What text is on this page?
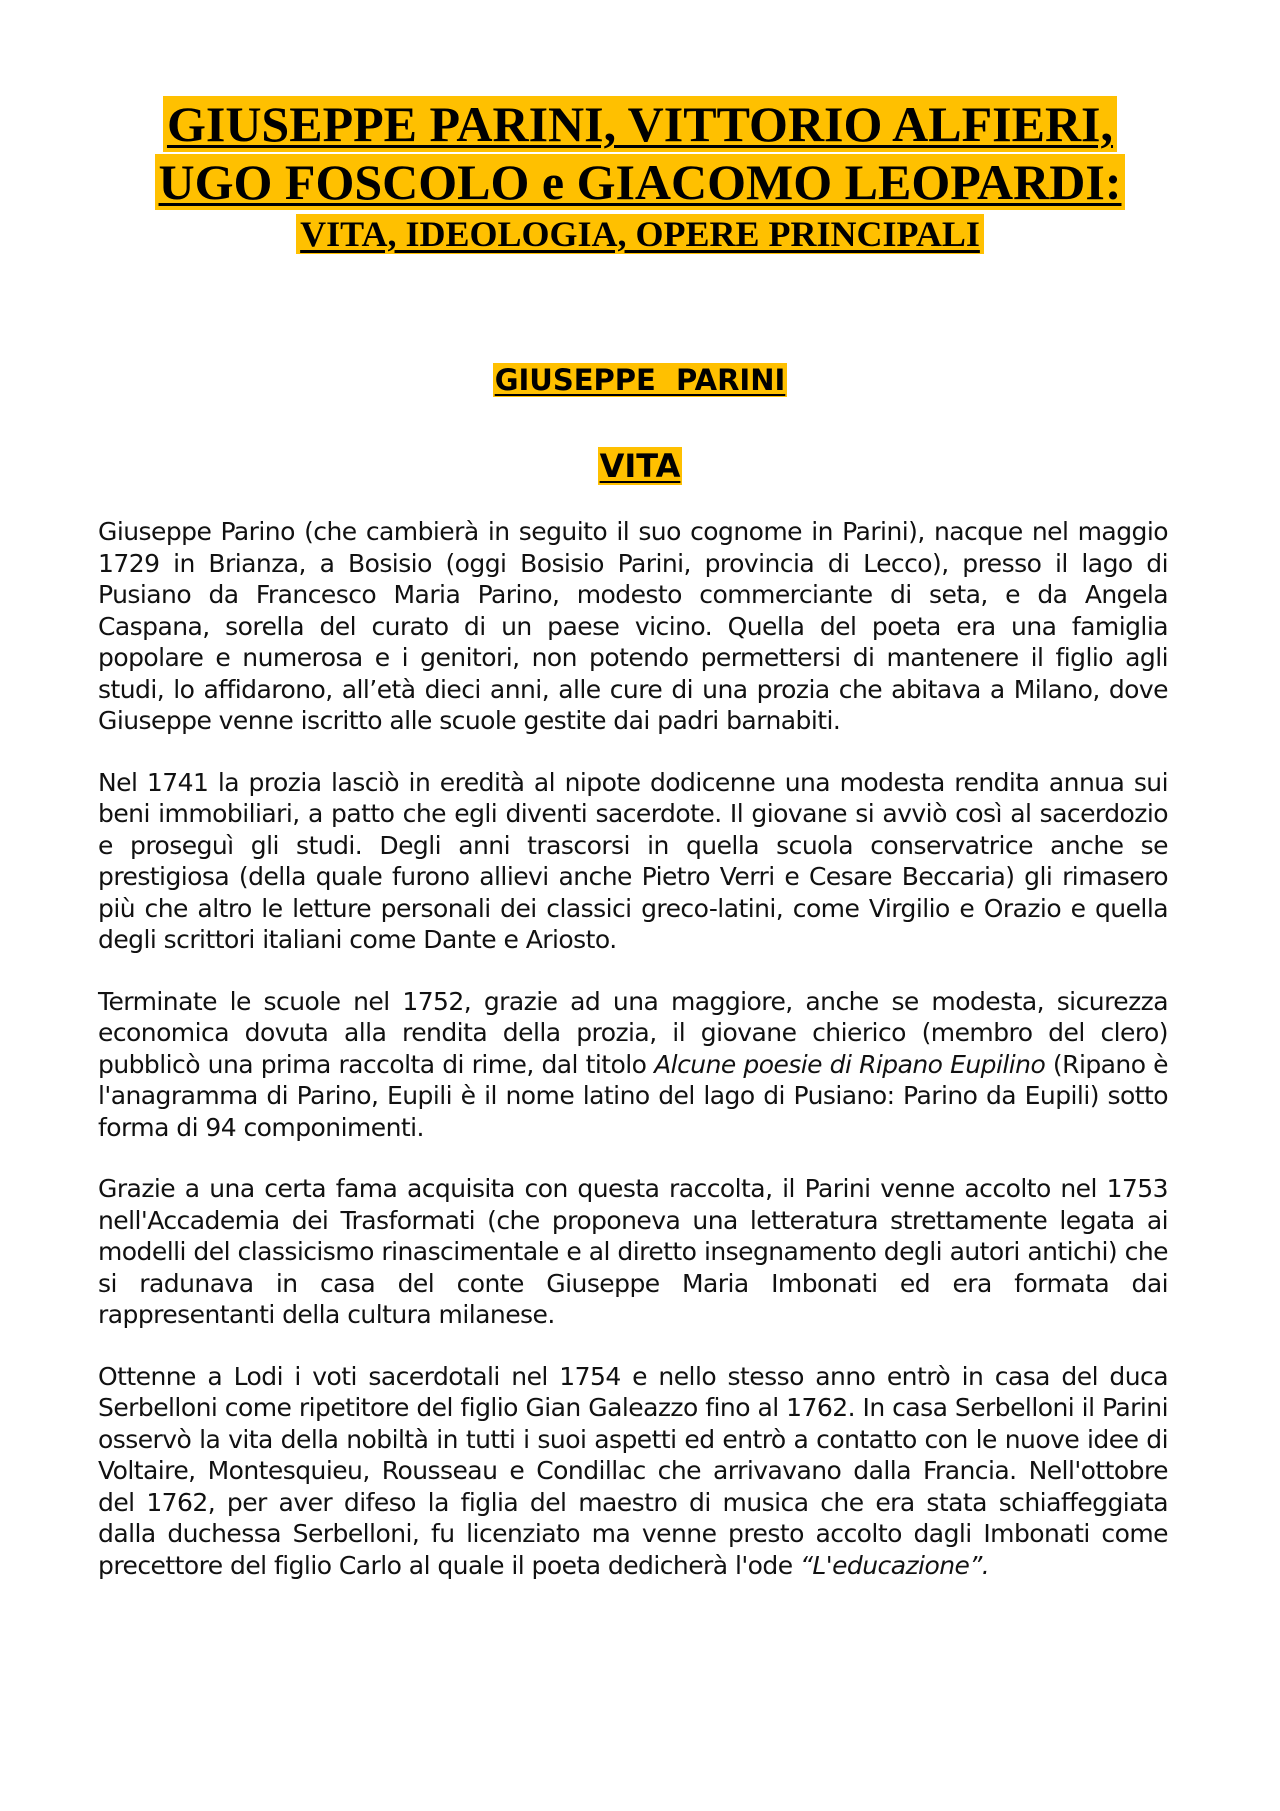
GIUSEPPE PARINI, VITTORIO ALFIERI,
UGO FOSCOLO e GIACOMO LEOPARDI:
VITA, IDEOLOGIA, OPERE PRINCIPALI
GIUSEPPE  PARINI
VITA

Giuseppe Parino (che cambierà in seguito il suo cognome in Parini), nacque nel maggio 1729 in Brianza, a Bosisio (oggi Bosisio Parini, provincia di Lecco), presso il lago di Pusiano da Francesco Maria Parino, modesto commerciante di seta, e da Angela Caspana, sorella del curato di un paese vicino. Quella del poeta era una famiglia popolare e numerosa e i genitori, non potendo permettersi di mantenere il figlio agli studi, lo affidarono, all’età dieci anni, alle cure di una prozia che abitava a Milano, dove Giuseppe venne iscritto alle scuole gestite dai padri barnabiti.

Nel 1741 la prozia lasciò in eredità al nipote dodicenne una modesta rendita annua sui beni immobiliari, a patto che egli diventi sacerdote. Il giovane si avviò così al sacerdozio e proseguì gli studi. Degli anni trascorsi in quella scuola conservatrice anche se prestigiosa (della quale furono allievi anche Pietro Verri e Cesare Beccaria) gli rimasero più che altro le letture personali dei classici greco-latini, come Virgilio e Orazio e quella degli scrittori italiani come Dante e Ariosto.

Terminate le scuole nel 1752, grazie ad una maggiore, anche se modesta, sicurezza economica dovuta alla rendita della prozia, il giovane chierico (membro del clero) pubblicò una prima raccolta di rime, dal titolo Alcune poesie di Ripano Eupilino (Ripano è l'anagramma di Parino, Eupili è il nome latino del lago di Pusiano: Parino da Eupili) sotto forma di 94 componimenti.

Grazie a una certa fama acquisita con questa raccolta, il Parini venne accolto nel 1753 nell'Accademia dei Trasformati (che proponeva una letteratura strettamente legata ai modelli del classicismo rinascimentale e al diretto insegnamento degli autori antichi) che si radunava in casa del conte Giuseppe Maria Imbonati ed era formata dai rappresentanti della cultura milanese.

Ottenne a Lodi i voti sacerdotali nel 1754 e nello stesso anno entrò in casa del duca Serbelloni come ripetitore del figlio Gian Galeazzo fino al 1762. In casa Serbelloni il Parini osservò la vita della nobiltà in tutti i suoi aspetti ed entrò a contatto con le nuove idee di Voltaire, Montesquieu, Rousseau e Condillac che arrivavano dalla Francia. Nell'ottobre del 1762, per aver difeso la figlia del maestro di musica che era stata schiaffeggiata dalla duchessa Serbelloni, fu licenziato ma venne presto accolto dagli Imbonati come precettore del figlio Carlo al quale il poeta dedicherà l'ode “L'educazione”.
